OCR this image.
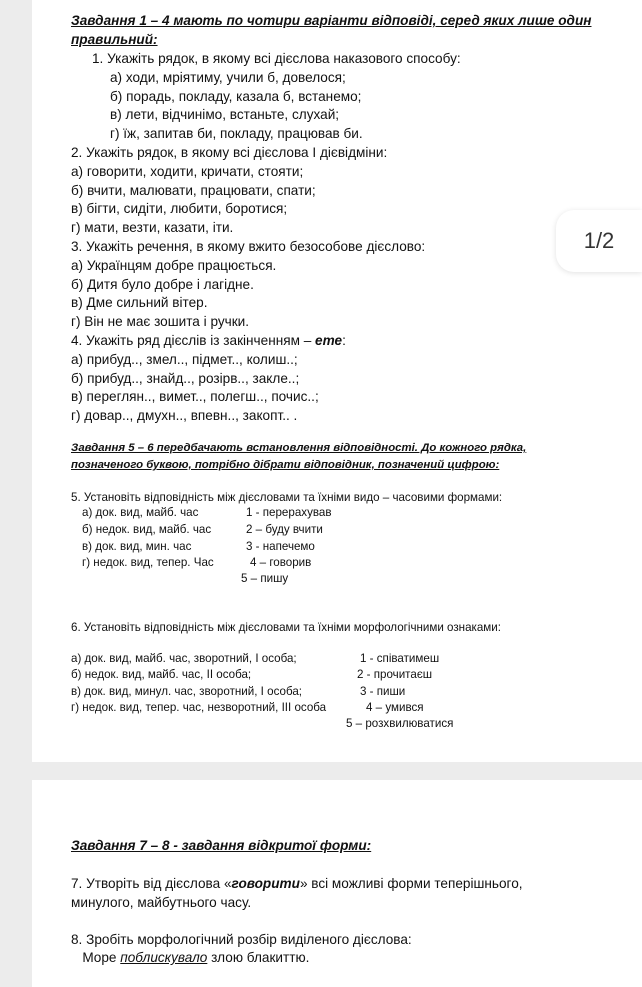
Завдання 1 – 4 мають по чотири варіанти відповіді, серед яких лише один
правильний:
1. Укажіть рядок, в якому всі дієслова наказового способу:
а) ходи, мріятиму, учили б, довелося;
б) порадь, покладу, казала б, встанемо;
в) лети, відчинімо, встаньте, слухай;
г) їж, запитав би, покладу, працював би.
2. Укажіть рядок, в якому всі дієслова І дієвідміни:
а) говорити, ходити, кричати, стояти;
б) вчити, малювати, працювати, спати;
в) бігти, сидіти, любити, боротися;
г) мати, везти, казати, іти.
3. Укажіть речення, в якому вжито безособове дієслово:
а) Українцям добре працюється.
б) Дитя було добре і лагідне.
в) Дме сильний вітер.
г) Він не має зошита і ручки.
4. Укажіть ряд дієслів із закінченням – ете:
а) прибуд.., змел.., підмет.., колиш..;
б) прибуд.., знайд.., розірв.., закле..;
в) переглян.., вимет.., полегш.., почис..;
г) довар.., дмухн.., впевн.., закопт.. .
Завдання 5 – 6 передбачають встановлення відповідності. До кожного рядка,
позначеного буквою, потрібно дібрати відповідник, позначений цифрою:
5. Установіть відповідність між дієсловами та їхніми видо – часовими формами:
а) док. вид, майб. час
б) недок. вид, майб. час
в) док. вид, мин. час
г) недок. вид, тепер. Час
1 - перерахував
2 – буду вчити
3 - напечемо
4 – говорив
5 – пишу
6. Установіть відповідність між дієсловами та їхніми морфологічними ознаками:
а) док. вид, майб. час, зворотний, І особа;
б) недок. вид, майб. час, ІІ особа;
в) док. вид, минул. час, зворотний, І особа;
г) недок. вид, тепер. час, незворотний, ІІІ особа
1 - співатимеш
2 - прочитаєш
3 - пиши
4 – умився
5 – розхвилюватися
Завдання 7 – 8 - завдання відкритої форми:
7. Утворіть від дієслова «говорити» всі можливі форми теперішнього,
минулого, майбутнього часу.
8. Зробіть морфологічний розбір виділеного дієслова:
Море поблискувало злою блакиттю.
1/2
